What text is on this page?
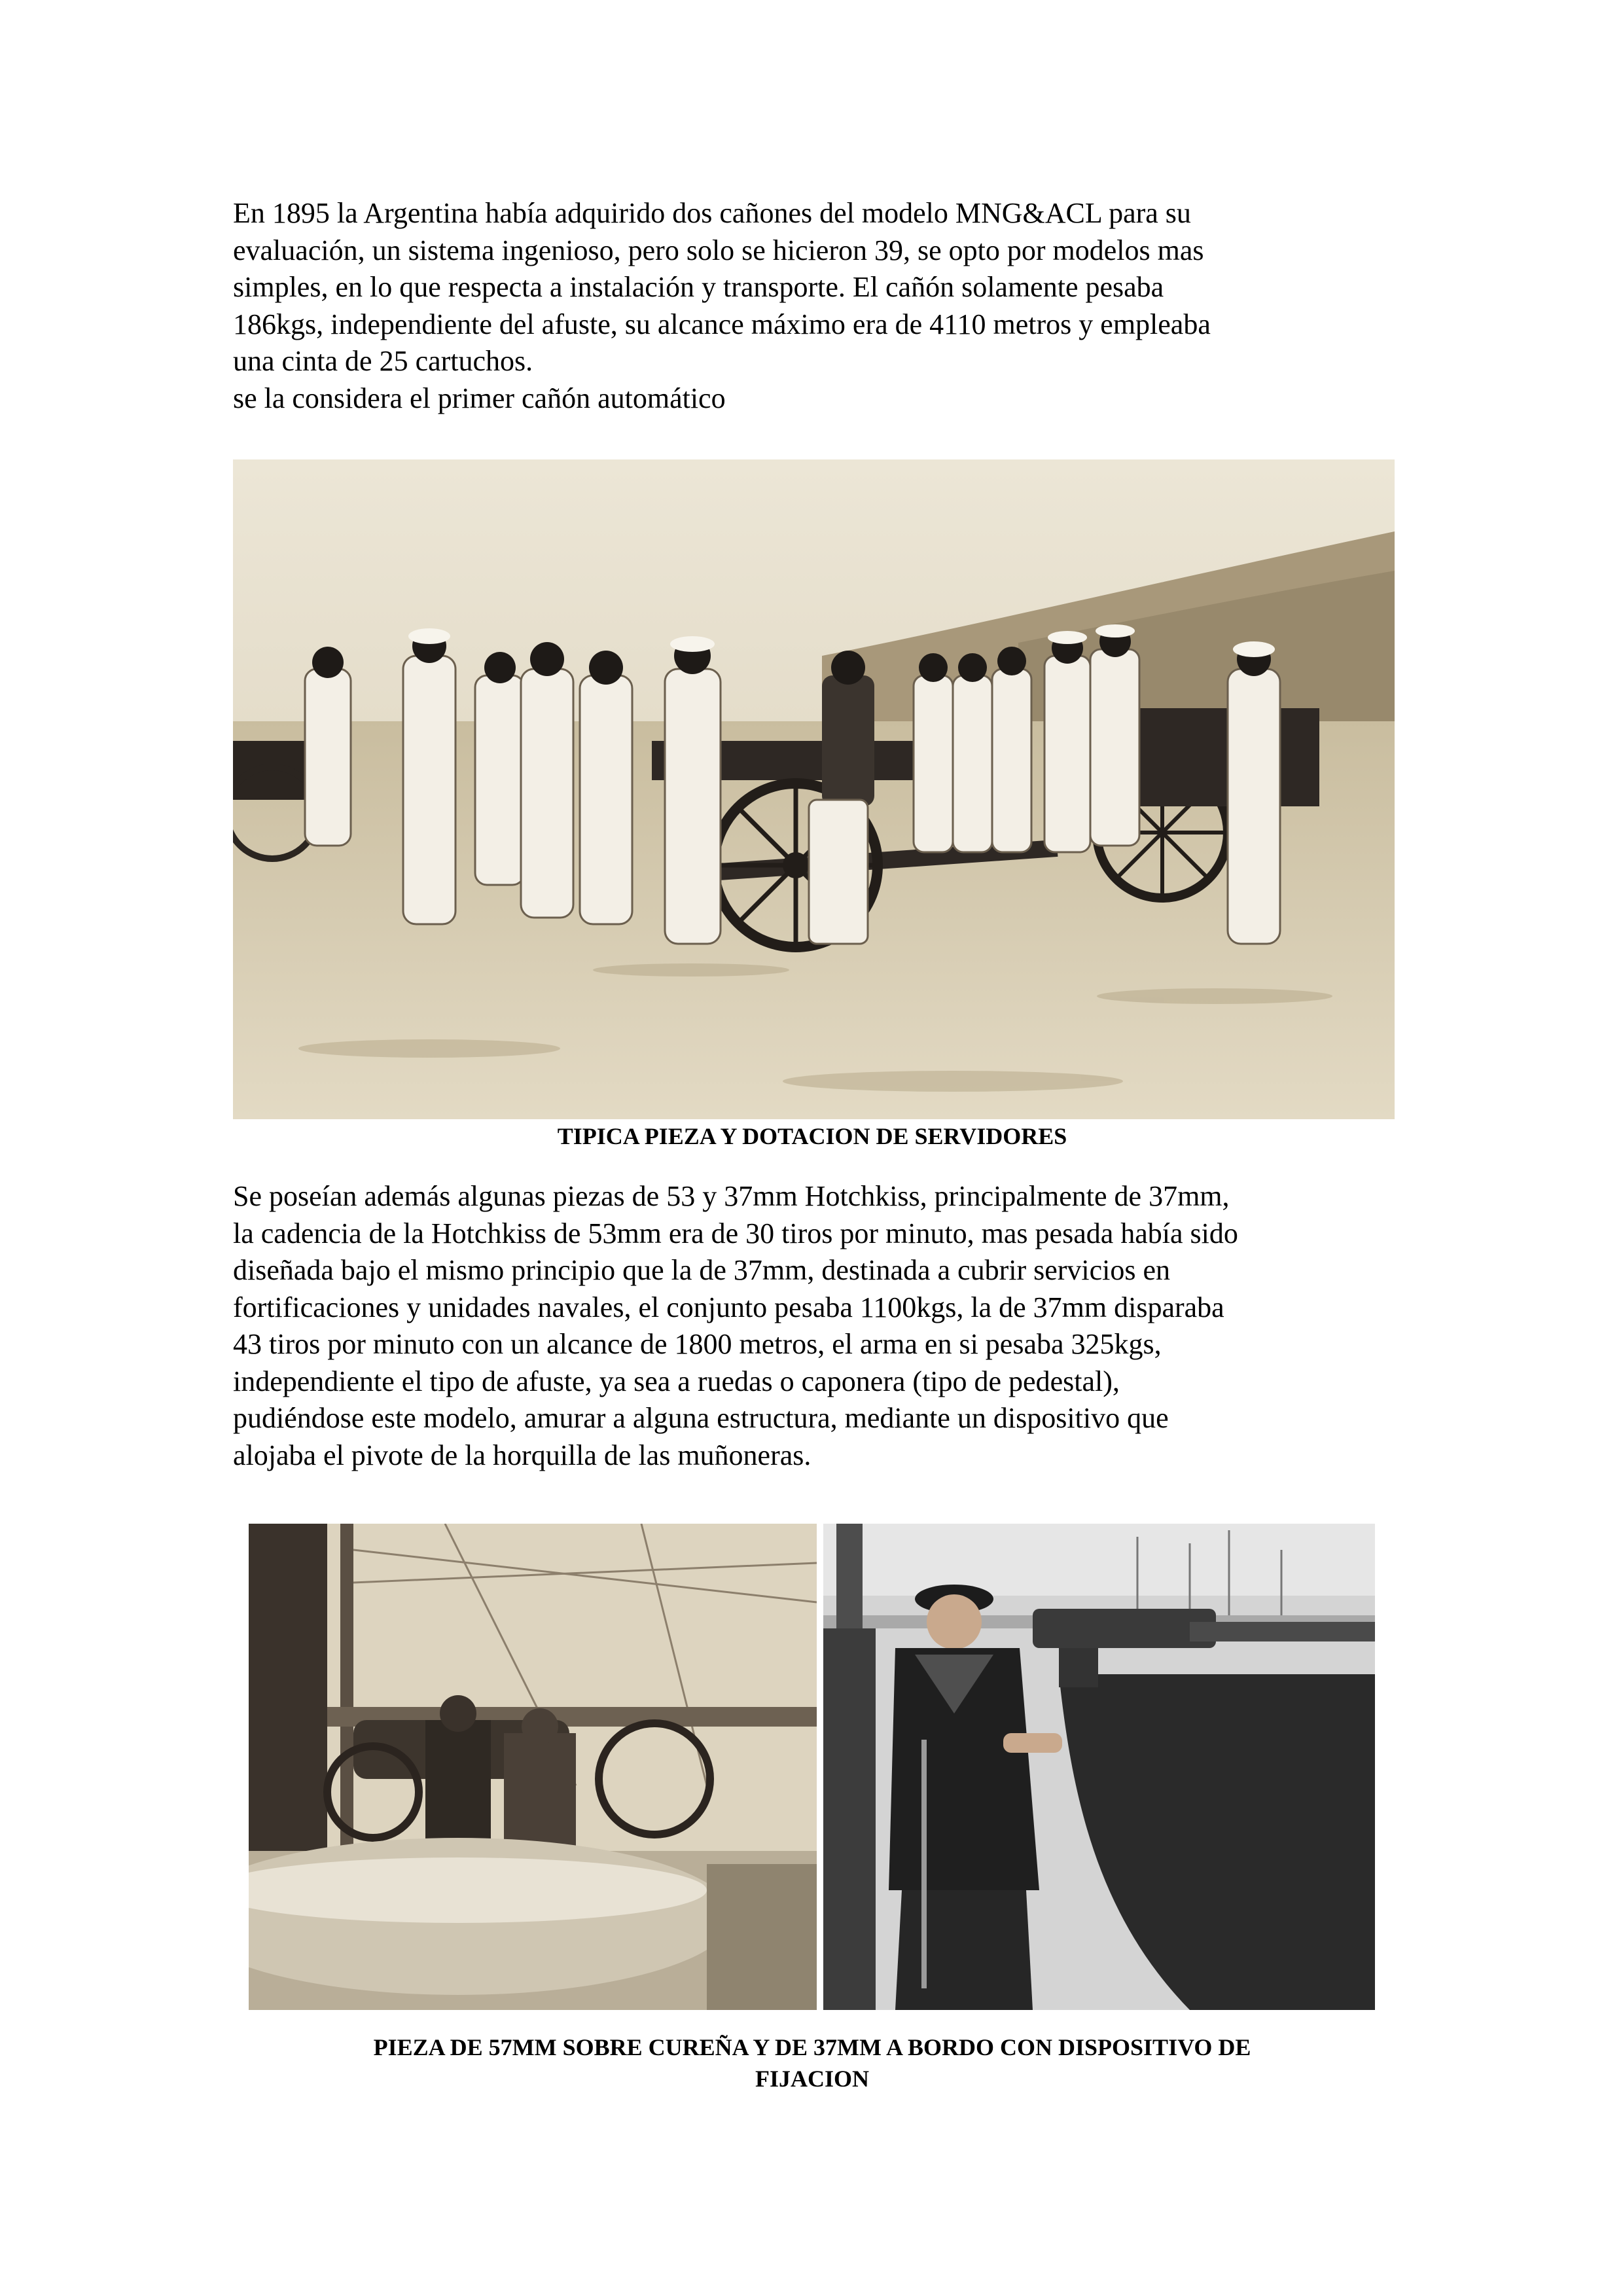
En 1895 la Argentina había adquirido dos cañones del modelo MNG&ACL para su
evaluación, un sistema ingenioso, pero solo se hicieron 39, se opto por modelos mas
simples, en lo que respecta a instalación y transporte. El cañón solamente pesaba
186kgs, independiente del afuste, su alcance máximo era de 4110 metros y empleaba
una cinta de 25 cartuchos.
se la considera el primer cañón automático
TIPICA PIEZA Y DOTACION DE SERVIDORES
Se poseían además algunas piezas de 53 y 37mm Hotchkiss, principalmente de 37mm,
la cadencia de la Hotchkiss de 53mm era de 30 tiros por minuto, mas pesada había sido
diseñada bajo el mismo principio que la de 37mm, destinada a cubrir servicios en
fortificaciones y unidades navales, el conjunto pesaba 1100kgs, la de 37mm disparaba
43 tiros por minuto con un alcance de 1800 metros, el arma en si pesaba 325kgs,
independiente el tipo de afuste, ya sea a ruedas o caponera (tipo de pedestal),
pudiéndose este modelo, amurar a alguna estructura, mediante un dispositivo que
alojaba el pivote de la horquilla de las muñoneras.
PIEZA DE 57MM SOBRE CUREÑA Y DE 37MM A BORDO CON DISPOSITIVO DE
FIJACION
